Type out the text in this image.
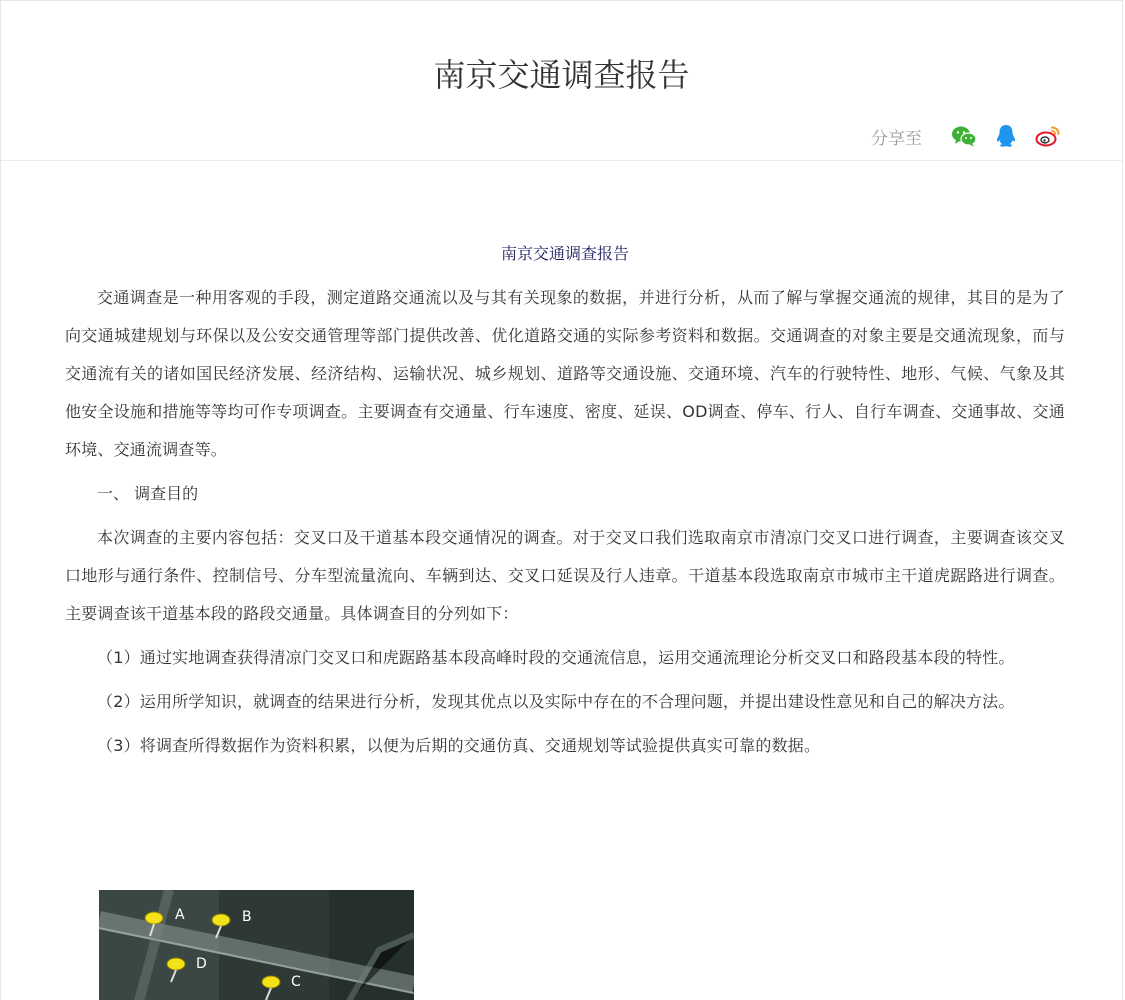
南京交通调查报告
分享至

南京交通调查报告

交通调查是一种用客观的手段，测定道路交通流以及与其有关现象的数据，并进行分析，从而了解与掌握交通流的规律，其目的是为了向交通城建规划与环保以及公安交通管理等部门提供改善、优化道路交通的实际参考资料和数据。交通调查的对象主要是交通流现象，而与交通流有关的诸如国民经济发展、经济结构、运输状况、城乡规划、道路等交通设施、交通环境、汽车的行驶特性、地形、气候、气象及其他安全设施和措施等等均可作专项调查。主要调查有交通量、行车速度、密度、延误、OD调查、停车、行人、自行车调查、交通事故、交通环境、交通流调查等。

一、 调查目的

本次调查的主要内容包括：交叉口及干道基本段交通情况的调查。对于交叉口我们选取南京市清凉门交叉口进行调查，主要调查该交叉口地形与通行条件、控制信号、分车型流量流向、车辆到达、交叉口延误及行人违章。干道基本段选取南京市城市主干道虎踞路进行调查。主要调查该干道基本段的路段交通量。具体调查目的分列如下：

（1）通过实地调查获得清凉门交叉口和虎踞路基本段高峰时段的交通流信息，运用交通流理论分析交叉口和路段基本段的特性。

（2）运用所学知识，就调查的结果进行分析，发现其优点以及实际中存在的不合理问题，并提出建设性意见和自己的解决方法。

（3）将调查所得数据作为资料积累，以便为后期的交通仿真、交通规划等试验提供真实可靠的数据。

A	B
D
C
